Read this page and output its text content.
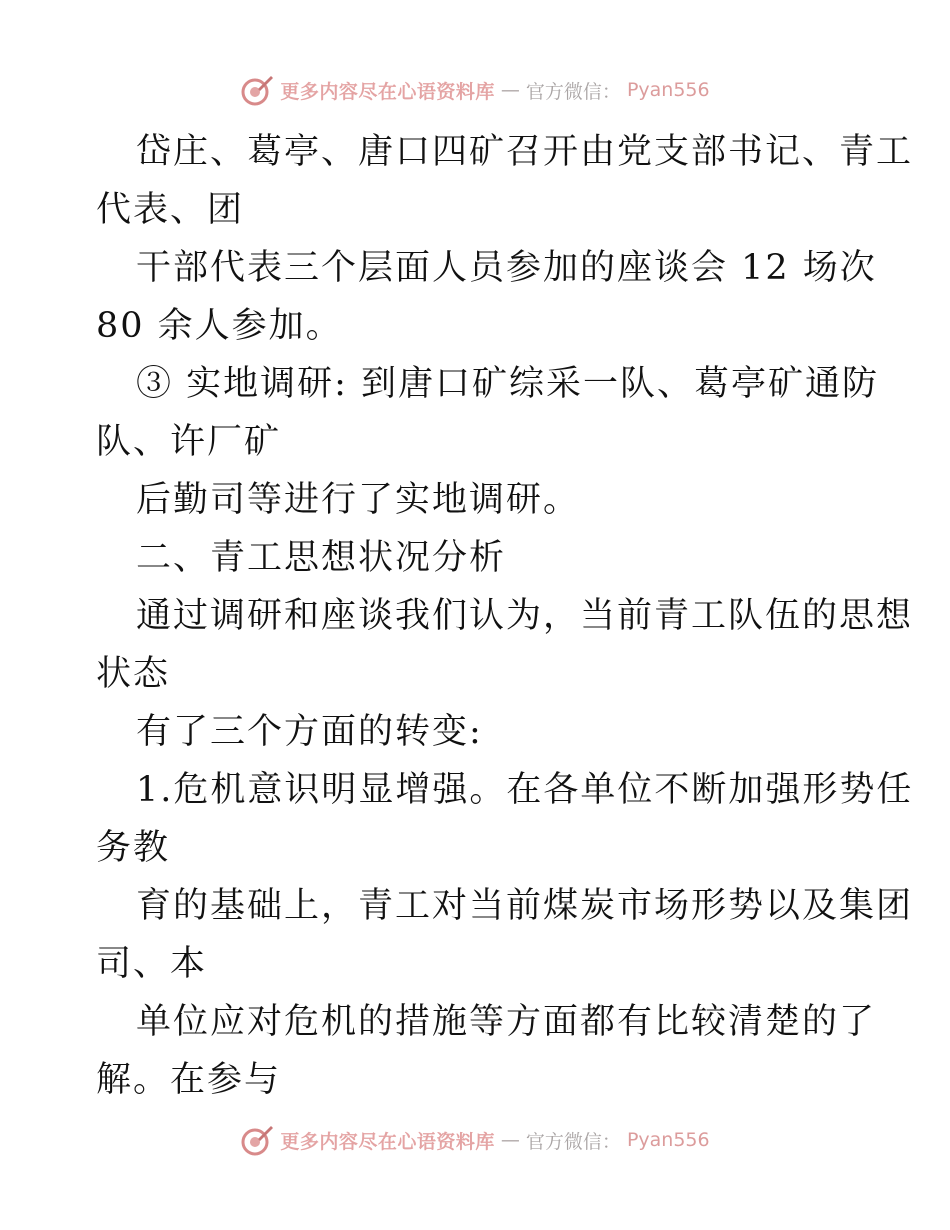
更多内容尽在心语资料库 — 官方微信： Pyan556
岱庄、葛亭、唐口四矿召开由党支部书记、青工
代表、团
干部代表三个层面人员参加的座谈会 12 场次
80 余人参加。
③ 实地调研: 到唐口矿综采一队、葛亭矿通防
队、许厂矿
后勤司等进行了实地调研。
二、青工思想状况分析
通过调研和座谈我们认为，当前青工队伍的思想
状态
有了三个方面的转变:
1.危机意识明显增强。在各单位不断加强形势任
务教
育的基础上，青工对当前煤炭市场形势以及集团
司、本
单位应对危机的措施等方面都有比较清楚的了
解。在参与
更多内容尽在心语资料库 — 官方微信： Pyan556
